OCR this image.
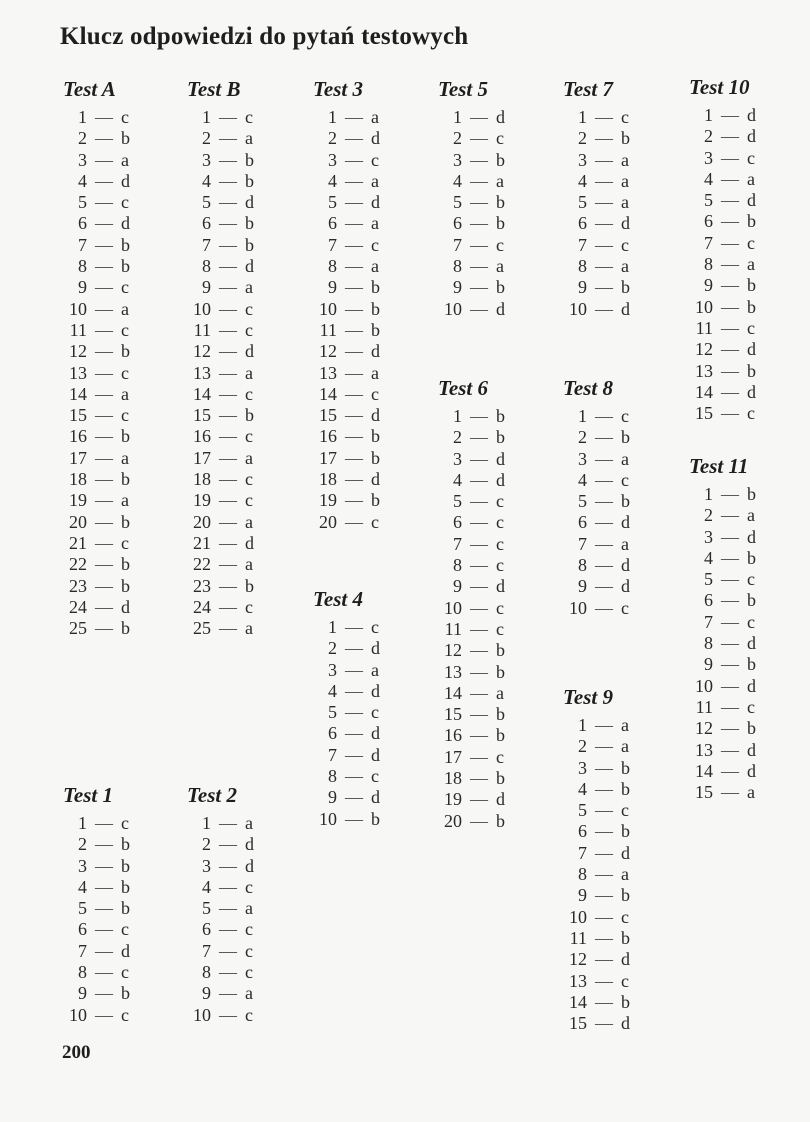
Klucz odpowiedzi do pytań testowych
Test A
1 — c
2 — b
3 — a
4 — d
5 — c
6 — d
7 — b
8 — b
9 — c
10 — a
11 — c
12 — b
13 — c
14 — a
15 — c
16 — b
17 — a
18 — b
19 — a
20 — b
21 — c
22 — b
23 — b
24 — d
25 — b
Test B
1 — c
2 — a
3 — b
4 — b
5 — d
6 — b
7 — b
8 — d
9 — a
10 — c
11 — c
12 — d
13 — a
14 — c
15 — b
16 — c
17 — a
18 — c
19 — c
20 — a
21 — d
22 — a
23 — b
24 — c
25 — a
Test 3
1 — a
2 — d
3 — c
4 — a
5 — d
6 — a
7 — c
8 — a
9 — b
10 — b
11 — b
12 — d
13 — a
14 — c
15 — d
16 — b
17 — b
18 — d
19 — b
20 — c
Test 5
1 — d
2 — c
3 — b
4 — a
5 — b
6 — b
7 — c
8 — a
9 — b
10 — d
Test 7
1 — c
2 — b
3 — a
4 — a
5 — a
6 — d
7 — c
8 — a
9 — b
10 — d
Test 10
1 — d
2 — d
3 — c
4 — a
5 — d
6 — b
7 — c
8 — a
9 — b
10 — b
11 — c
12 — d
13 — b
14 — d
15 — c
Test 6
1 — b
2 — b
3 — d
4 — d
5 — c
6 — c
7 — c
8 — c
9 — d
10 — c
11 — c
12 — b
13 — b
14 — a
15 — b
16 — b
17 — c
18 — b
19 — d
20 — b
Test 8
1 — c
2 — b
3 — a
4 — c
5 — b
6 — d
7 — a
8 — d
9 — d
10 — c
Test 11
1 — b
2 — a
3 — d
4 — b
5 — c
6 — b
7 — c
8 — d
9 — b
10 — d
11 — c
12 — b
13 — d
14 — d
15 — a
Test 4
1 — c
2 — d
3 — a
4 — d
5 — c
6 — d
7 — d
8 — c
9 — d
10 — b
Test 9
1 — a
2 — a
3 — b
4 — b
5 — c
6 — b
7 — d
8 — a
9 — b
10 — c
11 — b
12 — d
13 — c
14 — b
15 — d
Test 1
1 — c
2 — b
3 — b
4 — b
5 — b
6 — c
7 — d
8 — c
9 — b
10 — c
Test 2
1 — a
2 — d
3 — d
4 — c
5 — a
6 — c
7 — c
8 — c
9 — a
10 — c
200
